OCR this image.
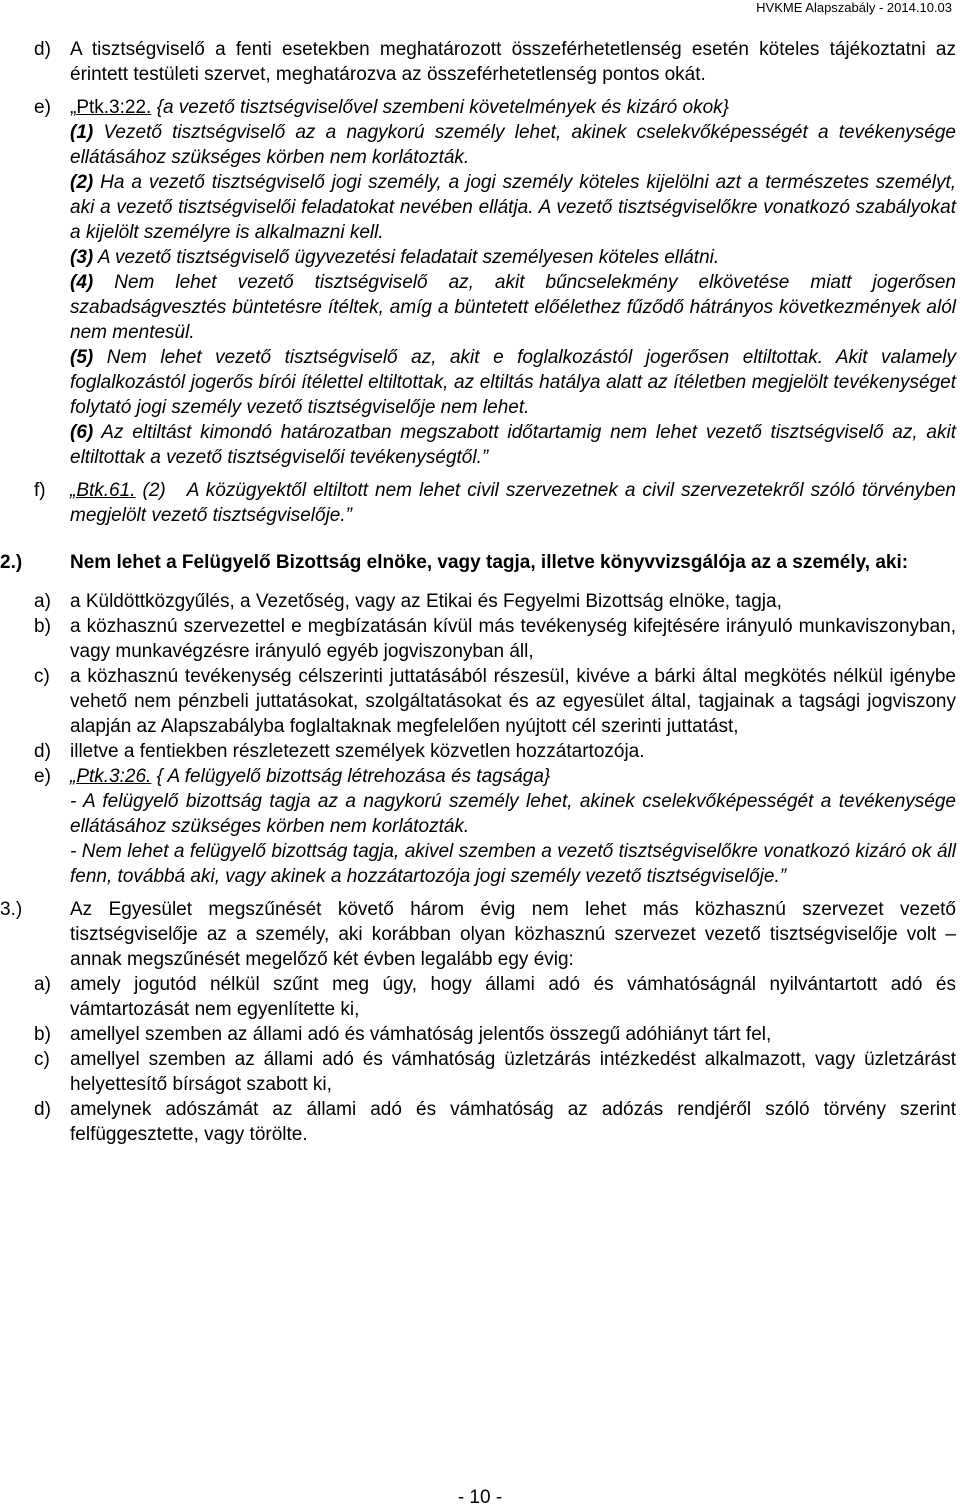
HVKME Alapszabály - 2014.10.03
d)	A tisztségviselő a fenti esetekben meghatározott összeférhetetlenség esetén köteles tájékoztatni az érintett testületi szervet, meghatározva az összeférhetetlenség pontos okát.
e)	„Ptk.3:22. {a vezető tisztségviselővel szembeni követelmények és kizáró okok}
(1) Vezető tisztségviselő az a nagykorú személy lehet, akinek cselekvőképességét a tevékenysége ellátásához szükséges körben nem korlátozták.
(2) Ha a vezető tisztségviselő jogi személy, a jogi személy köteles kijelölni azt a természetes személyt, aki a vezető tisztségviselői feladatokat nevében ellátja. A vezető tisztségviselőkre vonatkozó szabályokat a kijelölt személyre is alkalmazni kell.
(3) A vezető tisztségviselő ügyvezetési feladatait személyesen köteles ellátni.
(4) Nem lehet vezető tisztségviselő az, akit bűncselekmény elkövetése miatt jogerősen szabadságvesztés büntetésre ítéltek, amíg a büntetett előélethez fűződő hátrányos következmények alól nem mentesül.
(5) Nem lehet vezető tisztségviselő az, akit e foglalkozástól jogerősen eltiltottak. Akit valamely foglalkozástól jogerős bírói ítélettel eltiltottak, az eltiltás hatálya alatt az ítéletben megjelölt tevékenységet folytató jogi személy vezető tisztségviselője nem lehet.
(6) Az eltiltást kimondó határozatban megszabott időtartamig nem lehet vezető tisztségviselő az, akit eltiltottak a vezető tisztségviselői tevékenységtől.”
f)	„Btk.61. (2) A közügyektől eltiltott nem lehet civil szervezetnek a civil szervezetekről szóló törvényben megjelölt vezető tisztségviselője.”
2.)	Nem lehet a Felügyelő Bizottság elnöke, vagy tagja, illetve könyvvizsgálója az a személy, aki:
a)	a Küldöttközgyűlés, a Vezetőség, vagy az Etikai és Fegyelmi Bizottság elnöke, tagja,
b)	a közhasznú szervezettel e megbízatásán kívül más tevékenység kifejtésére irányuló munkaviszonyban, vagy munkavégzésre irányuló egyéb jogviszonyban áll,
c)	a közhasznú tevékenység célszerinti juttatásából részesül, kivéve a bárki által megkötés nélkül igénybe vehető nem pénzbeli juttatásokat, szolgáltatásokat és az egyesület által, tagjainak a tagsági jogviszony alapján az Alapszabályba foglaltaknak megfelelően nyújtott cél szerinti juttatást,
d)	illetve a fentiekben részletezett személyek közvetlen hozzátartozója.
e)	„Ptk.3:26. { A felügyelő bizottság létrehozása és tagsága}
- A felügyelő bizottság tagja az a nagykorú személy lehet, akinek cselekvőképességét a tevékenysége ellátásához szükséges körben nem korlátozták.
- Nem lehet a felügyelő bizottság tagja, akivel szemben a vezető tisztségviselőkre vonatkozó kizáró ok áll fenn, továbbá aki, vagy akinek a hozzátartozója jogi személy vezető tisztségviselője.”
3.)	Az Egyesület megszűnését követő három évig nem lehet más közhasznú szervezet vezető tisztségviselője az a személy, aki korábban olyan közhasznú szervezet vezető tisztségviselője volt – annak megszűnését megelőző két évben legalább egy évig:
a)	amely jogutód nélkül szűnt meg úgy, hogy állami adó és vámhatóságnál nyilvántartott adó és vámtartozását nem egyenlítette ki,
b)	amellyel szemben az állami adó és vámhatóság jelentős összegű adóhiányt tárt fel,
c)	amellyel szemben az állami adó és vámhatóság üzletzárás intézkedést alkalmazott, vagy üzletzárást helyettesítő bírságot szabott ki,
d)	amelynek adószámát az állami adó és vámhatóság az adózás rendjéről szóló törvény szerint felfüggesztette, vagy törölte.
- 10 -
